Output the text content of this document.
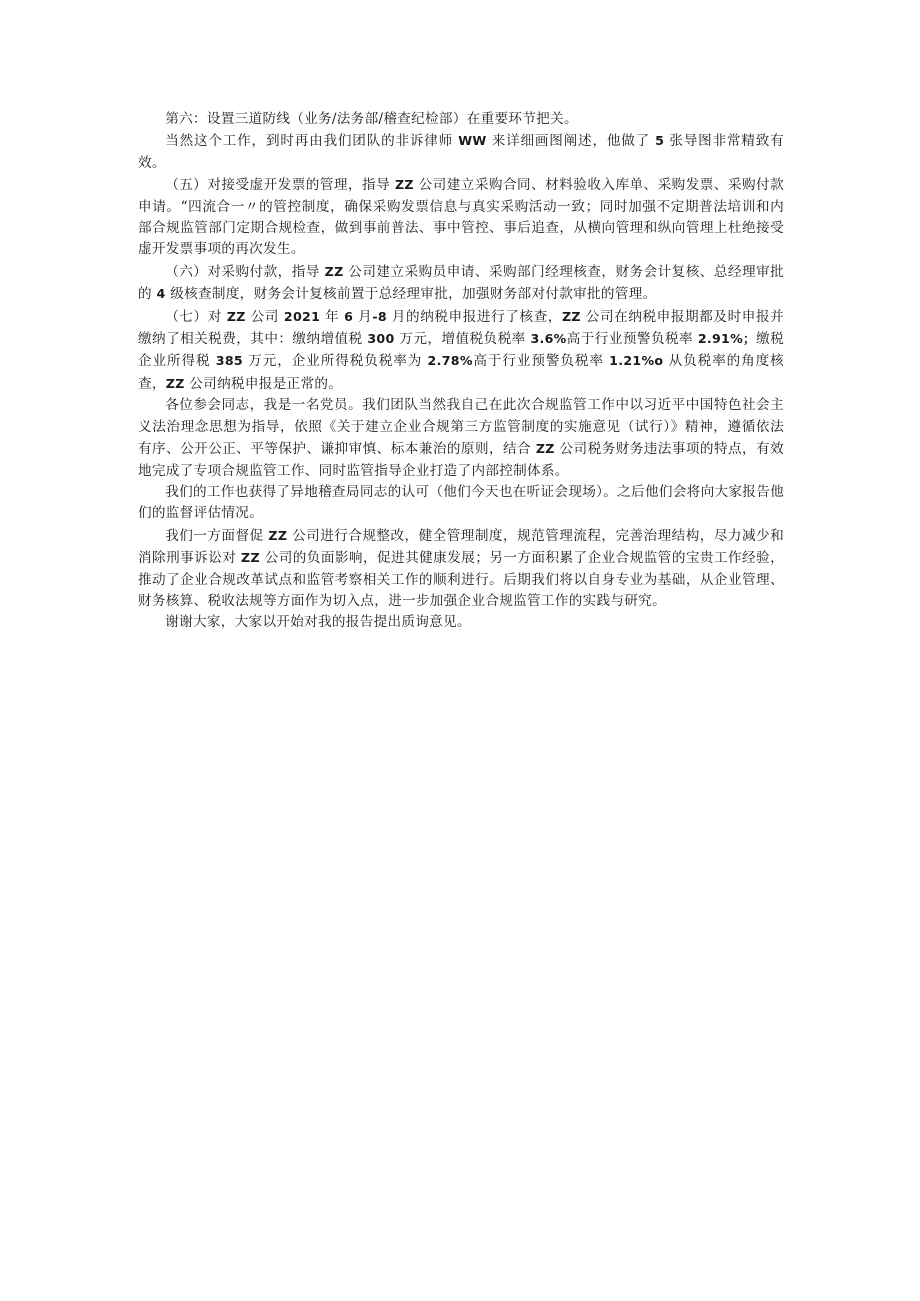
第六：设置三道防线（业务/法务部/稽查纪检部）在重要环节把关。

当然这个工作，到时再由我们团队的非诉律师 WW 来详细画图阐述，他做了 5 张导图非常精致有效。

（五）对接受虚开发票的管理，指导 ZZ 公司建立采购合同、材料验收入库单、采购发票、采购付款申请。“四流合一〃的管控制度，确保采购发票信息与真实采购活动一致；同时加强不定期普法培训和内部合规监管部门定期合规检查，做到事前普法、事中管控、事后追查，从横向管理和纵向管理上杜绝接受虚开发票事项的再次发生。

（六）对采购付款，指导 ZZ 公司建立采购员申请、采购部门经理核查，财务会计复核、总经理审批的 4 级核查制度，财务会计复核前置于总经理审批，加强财务部对付款审批的管理。

（七）对 ZZ 公司 2021 年 6 月-8 月的纳税申报进行了核查，ZZ 公司在纳税申报期都及时申报并缴纳了相关税费，其中：缴纳增值税 300 万元，增值税负税率 3.6%高于行业预警负税率 2.91%；缴税企业所得税 385 万元，企业所得税负税率为 2.78%高于行业预警负税率 1.21%o 从负税率的角度核查，ZZ 公司纳税申报是正常的。

各位参会同志，我是一名党员。我们团队当然我自己在此次合规监管工作中以习近平中国特色社会主义法治理念思想为指导，依照《关于建立企业合规第三方监管制度的实施意见（试行）》精神，遵循依法有序、公开公正、平等保护、谦抑审慎、标本兼治的原则，结合 ZZ 公司税务财务违法事项的特点，有效地完成了专项合规监管工作、同时监管指导企业打造了内部控制体系。

我们的工作也获得了异地稽查局同志的认可（他们今天也在听证会现场）。之后他们会将向大家报告他们的监督评估情况。

我们一方面督促 ZZ 公司进行合规整改，健全管理制度，规范管理流程，完善治理结构，尽力减少和消除刑事诉讼对 ZZ 公司的负面影响，促进其健康发展；另一方面积累了企业合规监管的宝贵工作经验，推动了企业合规改革试点和监管考察相关工作的顺利进行。后期我们将以自身专业为基础，从企业管理、财务核算、税收法规等方面作为切入点，进一步加强企业合规监管工作的实践与研究。

谢谢大家，大家以开始对我的报告提出质询意见。
